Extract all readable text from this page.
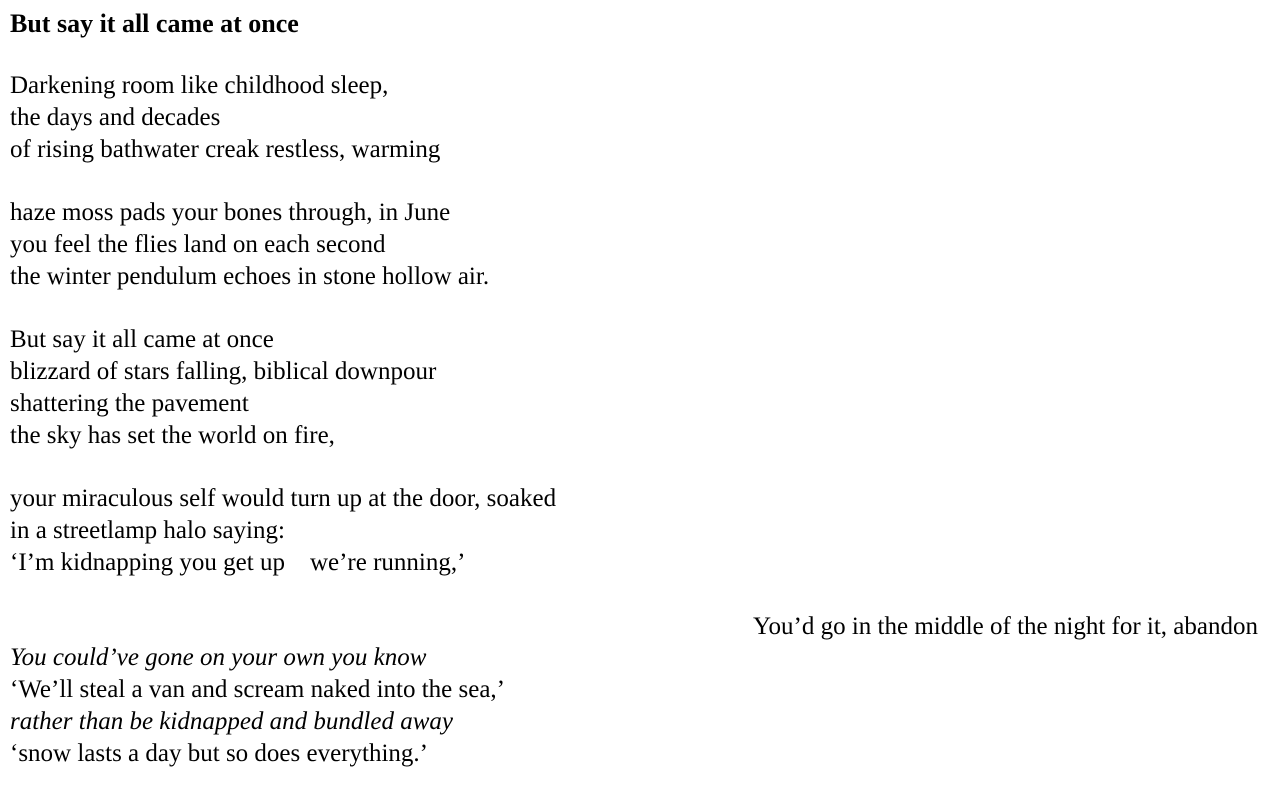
But say it all came at once
Darkening room like childhood sleep,
the days and decades
of rising bathwater creak restless, warming
haze moss pads your bones through, in June
you feel the flies land on each second
the winter pendulum echoes in stone hollow air.
But say it all came at once
blizzard of stars falling, biblical downpour
shattering the pavement
the sky has set the world on fire,
your miraculous self would turn up at the door, soaked
in a streetlamp halo saying:
‘I’m kidnapping you get up    we’re running,’
You’d go in the middle of the night for it, abandon
You could’ve gone on your own you know
‘We’ll steal a van and scream naked into the sea,’
rather than be kidnapped and bundled away
‘snow lasts a day but so does everything.’
